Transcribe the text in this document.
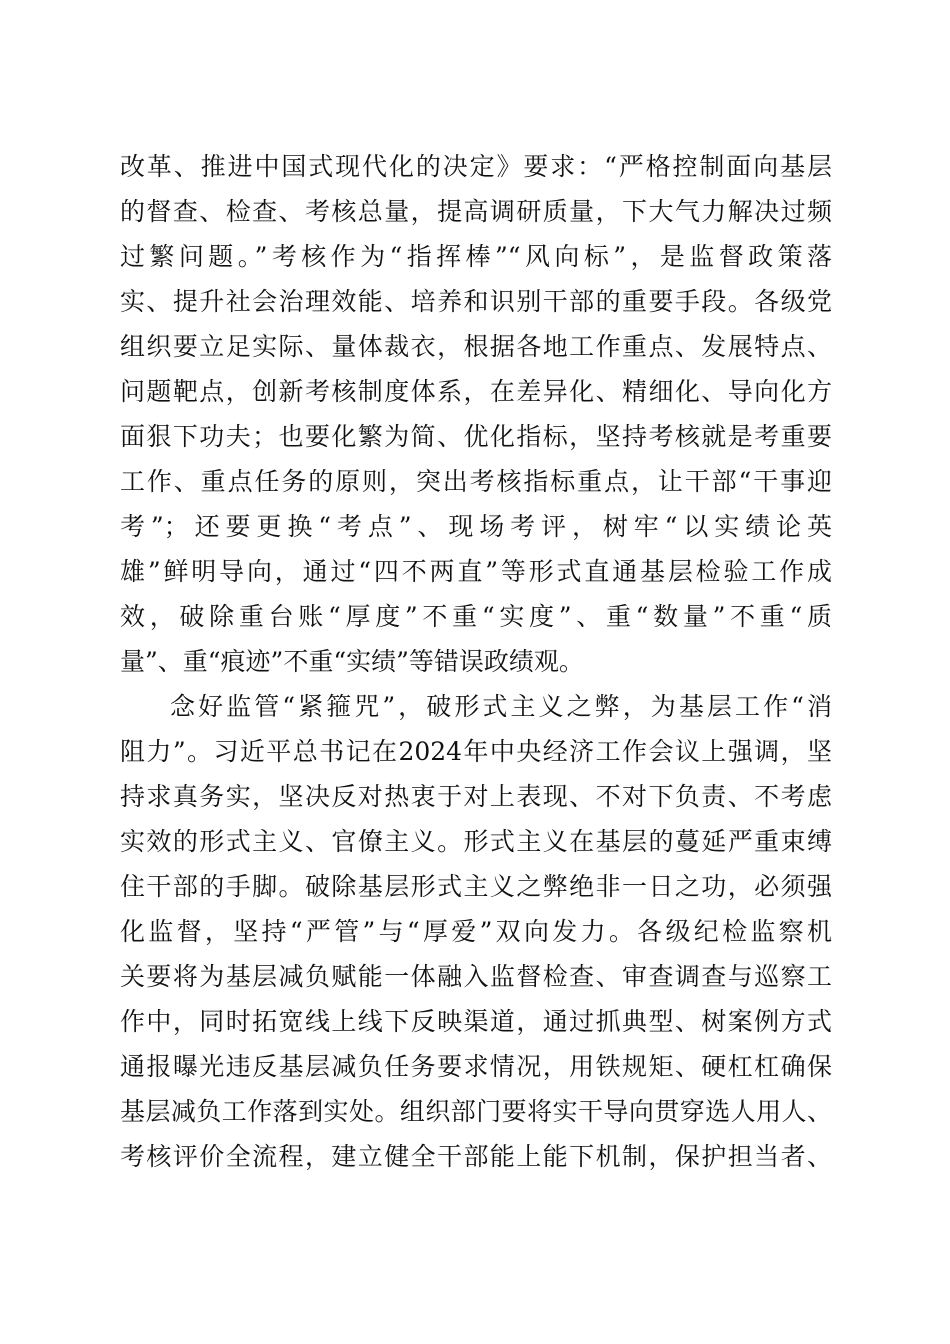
改革、推进中国式现代化的决定》要求：“严格控制面向基层
的督查、检查、考核总量，提高调研质量，下大气力解决过频
过繁问题。”考核作为“指挥棒”“风向标”，是监督政策落
实、提升社会治理效能、培养和识别干部的重要手段。各级党
组织要立足实际、量体裁衣，根据各地工作重点、发展特点、
问题靶点，创新考核制度体系，在差异化、精细化、导向化方
面狠下功夫；也要化繁为简、优化指标，坚持考核就是考重要
工作、重点任务的原则，突出考核指标重点，让干部“干事迎
考”；还要更换“考点”、现场考评，树牢“以实绩论英
雄”鲜明导向，通过“四不两直”等形式直通基层检验工作成
效，破除重台账“厚度”不重“实度”、重“数量”不重“质
量”、重“痕迹”不重“实绩”等错误政绩观。
念好监管“紧箍咒”，破形式主义之弊，为基层工作“消
阻力”。习近平总书记在2024年中央经济工作会议上强调，坚
持求真务实，坚决反对热衷于对上表现、不对下负责、不考虑
实效的形式主义、官僚主义。形式主义在基层的蔓延严重束缚
住干部的手脚。破除基层形式主义之弊绝非一日之功，必须强
化监督，坚持“严管”与“厚爱”双向发力。各级纪检监察机
关要将为基层减负赋能一体融入监督检查、审查调查与巡察工
作中，同时拓宽线上线下反映渠道，通过抓典型、树案例方式
通报曝光违反基层减负任务要求情况，用铁规矩、硬杠杠确保
基层减负工作落到实处。组织部门要将实干导向贯穿选人用人、
考核评价全流程，建立健全干部能上能下机制，保护担当者、
